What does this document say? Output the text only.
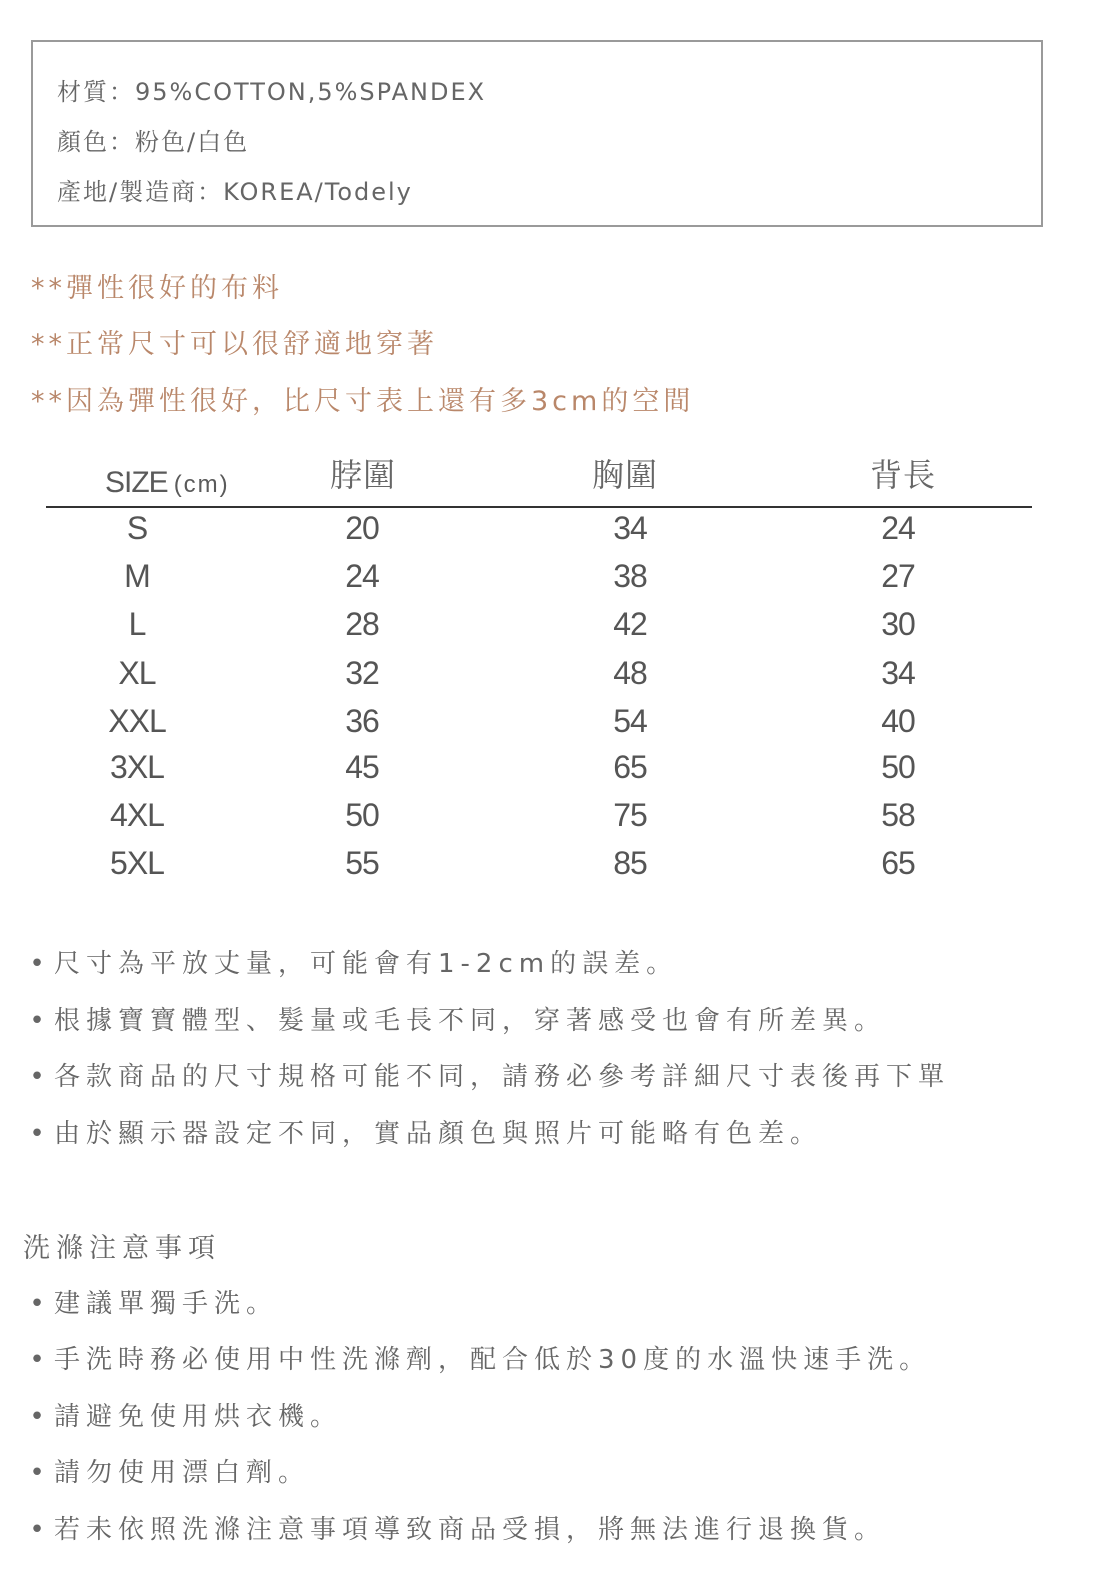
材質：95%COTTON,5%SPANDEX
顏色：粉色/白色
產地/製造商：KOREA/Todely
**彈性很好的布料
**正常尺寸可以很舒適地穿著
**因為彈性很好，比尺寸表上還有多3cm的空間
SIZE (cm)	脖圍	胸圍	背長
S	20	34	24
M	24	38	27
L	28	42	30
XL	32	48	34
XXL	36	54	40
3XL	45	65	50
4XL	50	75	58
5XL	55	85	65
• 尺寸為平放丈量，可能會有1-2cm的誤差。
• 根據寶寶體型、髮量或毛長不同，穿著感受也會有所差異。
• 各款商品的尺寸規格可能不同，請務必參考詳細尺寸表後再下單
• 由於顯示器設定不同，實品顏色與照片可能略有色差。
洗滌注意事項
• 建議單獨手洗。
• 手洗時務必使用中性洗滌劑，配合低於30度的水溫快速手洗。
• 請避免使用烘衣機。
• 請勿使用漂白劑。
• 若未依照洗滌注意事項導致商品受損，將無法進行退換貨。
